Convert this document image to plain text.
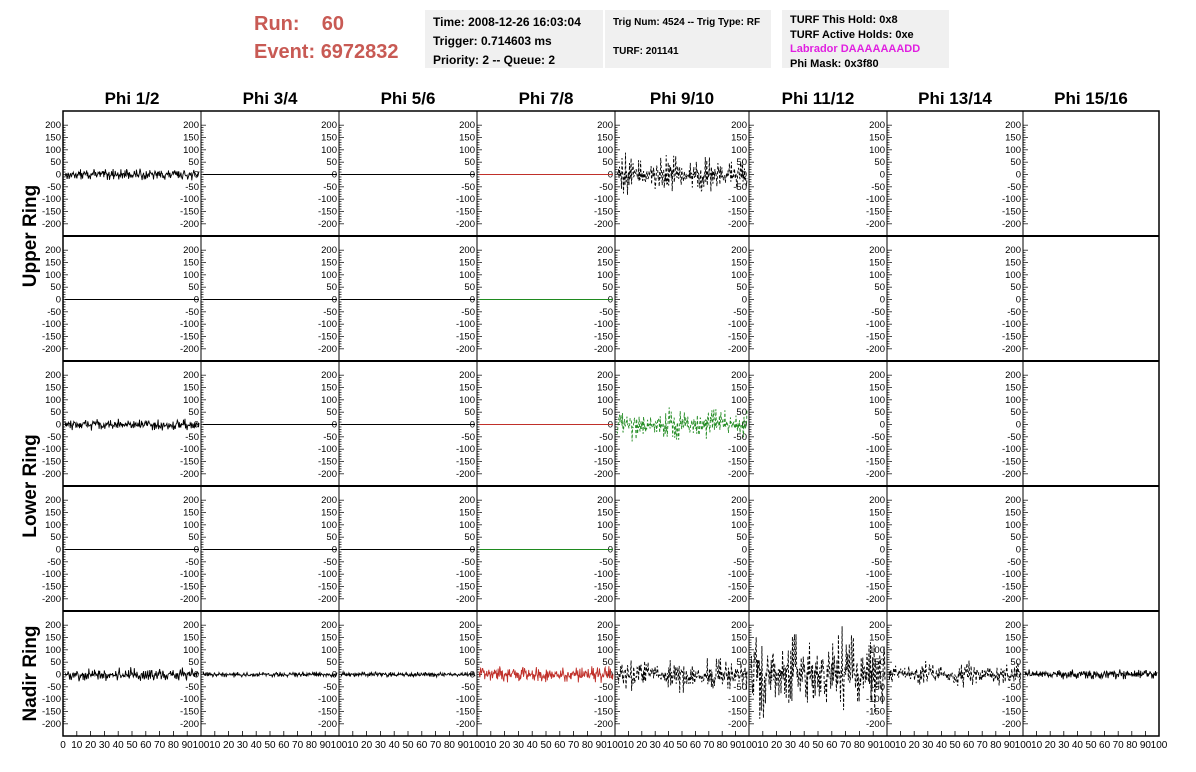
Run: 60
Event: 6972832
Time: 2008-12-26 16:03:04
Trigger: 0.714603 ms
Priority: 2 -- Queue: 2
Trig Num: 4524 -- Trig Type: RF
TURF: 201141
TURF This Hold: 0x8
TURF Active Holds: 0xe
Labrador DAAAAAAADD
Phi Mask: 0x3f80
Phi 1/2	Phi 3/4	Phi 5/6	Phi 7/8	Phi 9/10	Phi 11/12	Phi 13/14	Phi 15/16
Upper Ring
Lower Ring
Nadir Ring
200
150
100
50
0
-50
-100
-150
-200
200
150
100
50
0
-50
-100
-150
-200
200
150
100
50
0
-50
-100
-150
-200
200
150
100
50
0
-50
-100
-150
-200
200
150
100
50
0
-50
-100
-150
-200
200
150
100
50
0
-50
-100
-150
-200
200
150
100
50
0
-50
-100
-150
-200
200
150
100
50
0
-50
-100
-150
-200
200
150
100
50
0
-50
-100
-150
-200
200
150
100
50
0
-50
-100
-150
-200
200
150
100
50
0
-50
-100
-150
-200
200
150
100
50
0
-50
-100
-150
-200
200
150
100
50
0
-50
-100
-150
-200
200
150
100
50
0
-50
-100
-150
-200
200
150
100
50
0
-50
-100
-150
-200
200
150
100
50
0
-50
-100
-150
-200
200
150
100
50
0
-50
-100
-150
-200
200
150
100
50
0
-50
-100
-150
-200
200
150
100
50
0
-50
-100
-150
-200
200
150
100
50
0
-50
-100
-150
-200
200
150
100
50
0
-50
-100
-150
-200
200
150
100
50
0
-50
-100
-150
-200
200
150
100
50
0
-50
-100
-150
-200
200
150
100
50
0
-50
-100
-150
-200
200
150
100
50
0
-50
-100
-150
-200
200
150
100
50
0
-50
-100
-150
-200
200
150
100
50
0
-50
-100
-150
-200
200
150
100
50
0
-50
-100
-150
-200
200
150
100
50
0
-50
-100
-150
-200
200
150
100
50
0
-50
-100
-150
-200
200
150
100
50
0
-50
-100
-150
-200
200
150
100
50
0
-50
-100
-150
-200
200
150
100
50
0
-50
-100
-150
-200
200
150
100
50
0
-50
-100
-150
-200
200
150
100
50
0
-50
-100
-150
-200
200
150
100
50
0
-50
-100
-150
-200
200
150
100
50
0
-50
-100
-150
-200
200
150
100
50
0
-50
-100
-150
-200
200
150
100
50
0
-50
-100
-150
-200
200
150
100
50
0
-50
-100
-150
-200
0 10 20 30 40 50 60 70 80 90 100 10 20 30 40 50 60 70 80 90 100 10 20 30 40 50 60 70 80 90 100 10 20 30 40 50 60 70 80 90 100 10 20 30 40 50 60 70 80 90 100 10 20 30 40 50 60 70 80 90 100 10 20 30 40 50 60 70 80 90 100 10 20 30 40 50 60 70 80 90 100
